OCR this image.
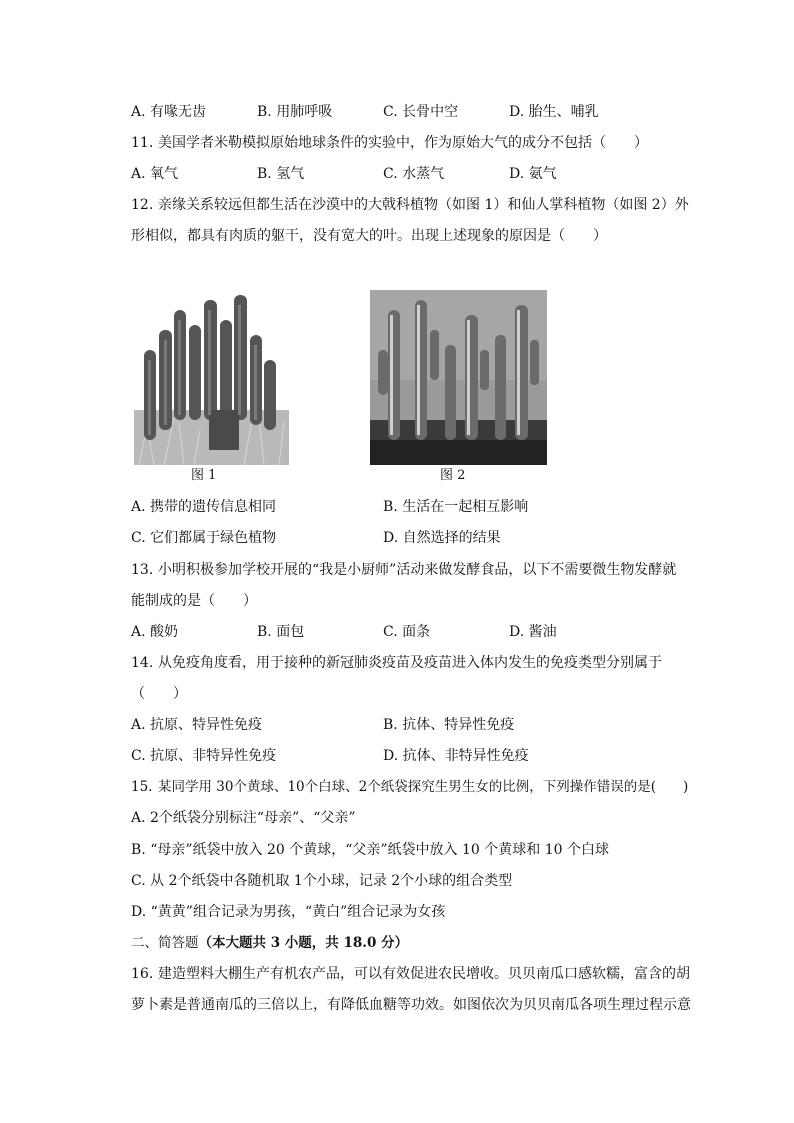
A. 有喙无齿	B. 用肺呼吸	C. 长骨中空	D. 胎生、哺乳
11. 美国学者米勒模拟原始地球条件的实验中，作为原始大气的成分不包括（　　）
A. 氧气	B. 氢气	C. 水蒸气	D. 氨气
12. 亲缘关系较远但都生活在沙漠中的大戟科植物（如图 1）和仙人掌科植物（如图 2）外
形相似，都具有肉质的躯干，没有宽大的叶。出现上述现象的原因是（　　）
图 1	图 2
A. 携带的遗传信息相同	B. 生活在一起相互影响
C. 它们都属于绿色植物	D. 自然选择的结果
13. 小明积极参加学校开展的“我是小厨师”活动来做发酵食品，以下不需要微生物发酵就
能制成的是（　　）
A. 酸奶	B. 面包	C. 面条	D. 酱油
14. 从免疫角度看，用于接种的新冠肺炎疫苗及疫苗进入体内发生的免疫类型分别属于
（　　）
A. 抗原、特异性免疫	B. 抗体、特异性免疫
C. 抗原、非特异性免疫	D. 抗体、非特异性免疫
15. 某同学用 30个黄球、10个白球、2个纸袋探究生男生女的比例，下列操作错误的是(　　)
A. 2个纸袋分别标注“母亲”、“父亲”
B. “母亲”纸袋中放入 20 个黄球，“父亲”纸袋中放入 10 个黄球和 10 个白球
C. 从 2个纸袋中各随机取 1个小球，记录 2个小球的组合类型
D. “黄黄”组合记录为男孩，“黄白”组合记录为女孩
二、简答题（本大题共 3 小题，共 18.0 分）
16. 建造塑料大棚生产有机农产品，可以有效促进农民增收。贝贝南瓜口感软糯，富含的胡
萝卜素是普通南瓜的三倍以上，有降低血糖等功效。如图依次为贝贝南瓜各项生理过程示意
